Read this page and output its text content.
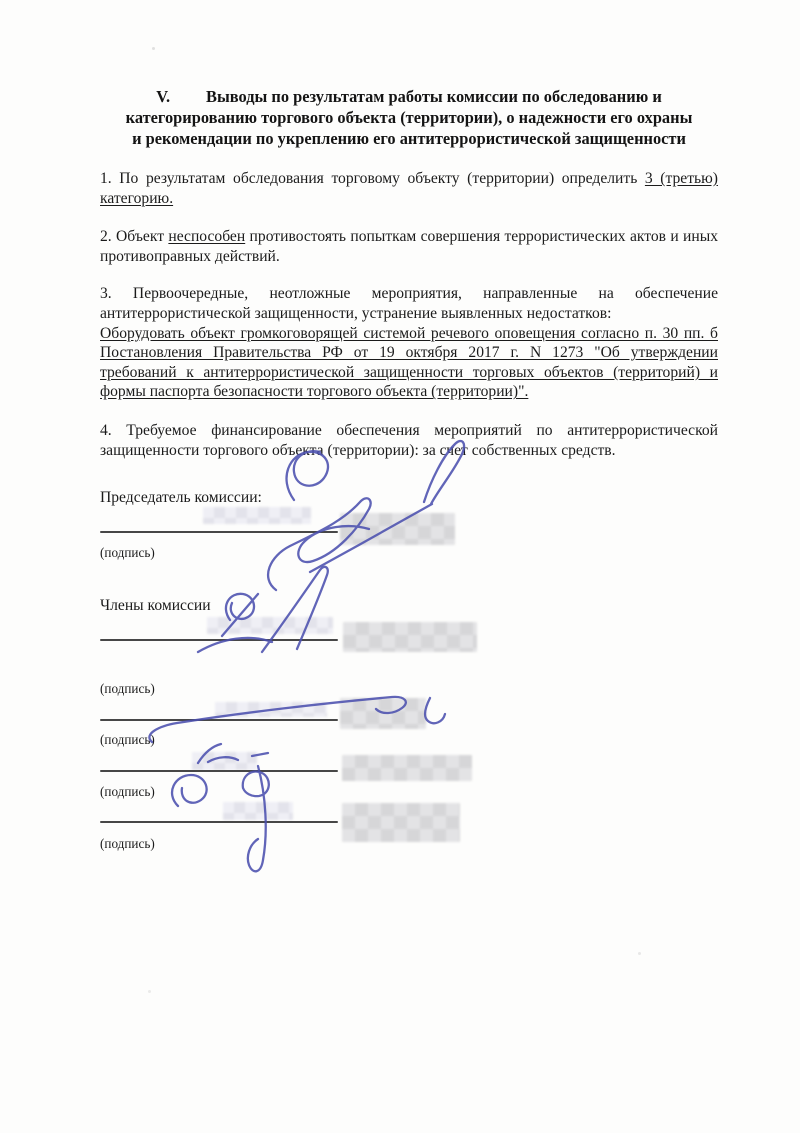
V. Выводы по результатам работы комиссии по обследованию и
категорированию торгового объекта (территории), о надежности его охраны
и рекомендации по укреплению его антитеррористической защищенности

1. По результатам обследования торговому объекту (территории) определить 3 (третью) категорию.

2. Объект неспособен противостоять попыткам совершения террористических актов и иных противоправных действий.

3. Первоочередные, неотложные мероприятия, направленные на обеспечение антитеррористической защищенности, устранение выявленных недостатков:

Оборудовать объект громкоговорящей системой речевого оповещения согласно п. 30 пп. б Постановления Правительства РФ от 19 октября 2017 г. N 1273 "Об утверждении требований к антитеррористической защищенности торговых объектов (территорий) и формы паспорта безопасности торгового объекта (территории)".

4. Требуемое финансирование обеспечения мероприятий по антитеррористической защищенности торгового объекта (территории): за счет собственных средств.

Председатель комиссии:
(подпись)
Члены комиссии
(подпись)
(подпись)
(подпись)
(подпись)
